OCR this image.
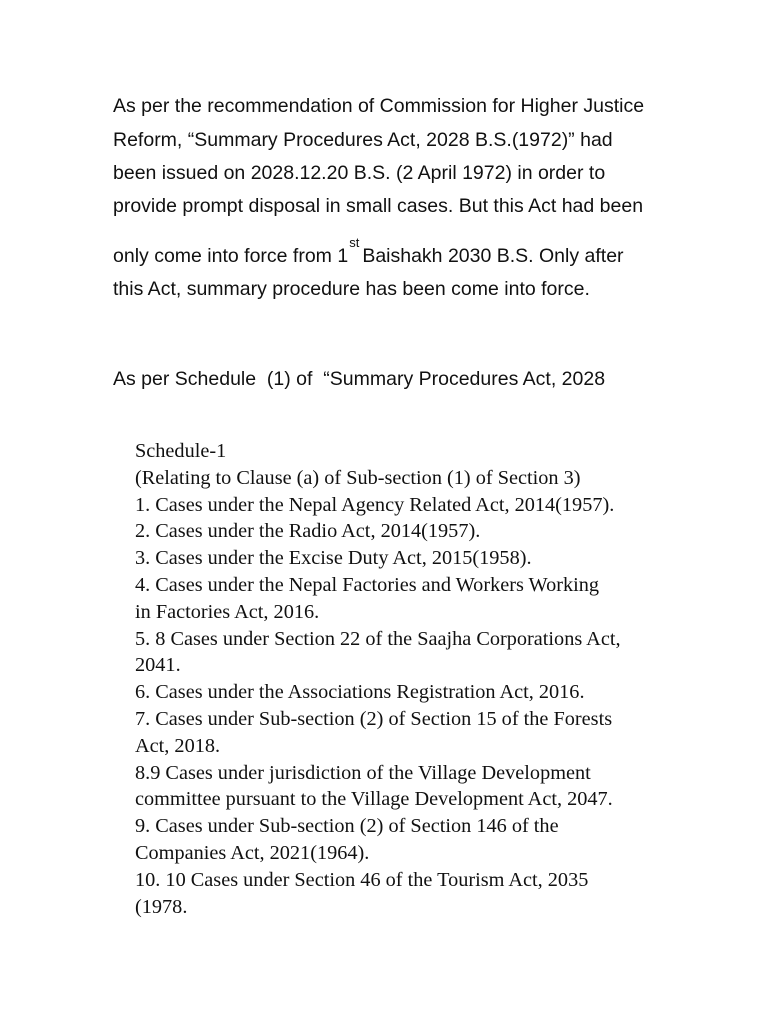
As per the recommendation of Commission for Higher Justice

Reform, “Summary Procedures Act, 2028 B.S.(1972)” had

been issued on 2028.12.20 B.S. (2 April 1972) in order to

provide prompt disposal in small cases. But this Act had been

only come into force from 1stBaishakh 2030 B.S. Only after

this Act, summary procedure has been come into force.

As per Schedule  (1) of  “Summary Procedures Act, 2028

Schedule-1
(Relating to Clause (a) of Sub-section (1) of Section 3)
1. Cases under the Nepal Agency Related Act, 2014(1957).
2. Cases under the Radio Act, 2014(1957).
3. Cases under the Excise Duty Act, 2015(1958).
4. Cases under the Nepal Factories and Workers Working
in Factories Act, 2016.
5. 8 Cases under Section 22 of the Saajha Corporations Act,
2041.
6. Cases under the Associations Registration Act, 2016.
7. Cases under Sub-section (2) of Section 15 of the Forests
Act, 2018.
8.9 Cases under jurisdiction of the Village Development
committee pursuant to the Village Development Act, 2047.
9. Cases under Sub-section (2) of Section 146 of the
Companies Act, 2021(1964).
10. 10 Cases under Section 46 of the Tourism Act, 2035
(1978.
